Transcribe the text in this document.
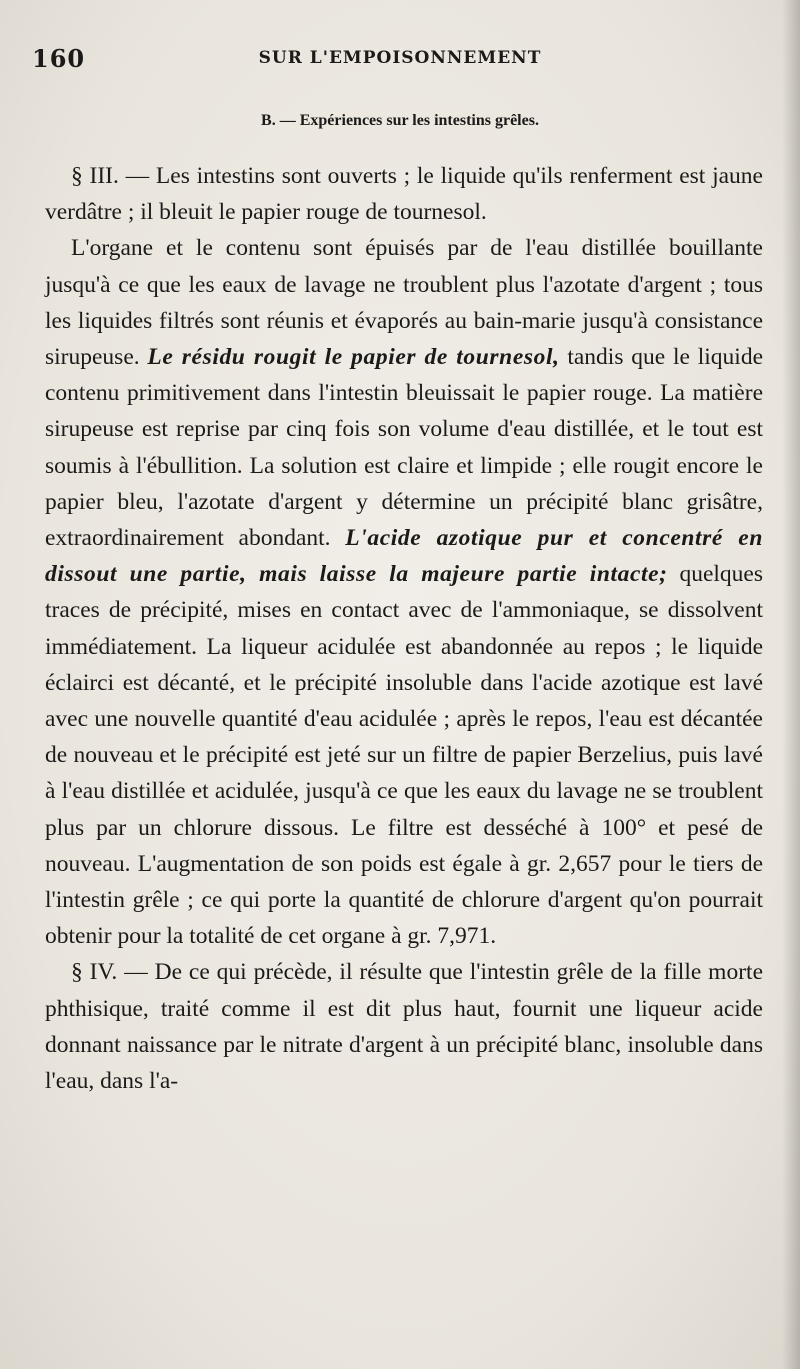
160	SUR L'EMPOISONNEMENT
B. — Expériences sur les intestins grêles.

§ III. — Les intestins sont ouverts ; le liquide qu'ils renferment est jaune verdâtre ; il bleuit le papier rouge de tournesol.

L'organe et le contenu sont épuisés par de l'eau distillée bouillante jusqu'à ce que les eaux de lavage ne troublent plus l'azotate d'argent ; tous les liquides filtrés sont réunis et évaporés au bain-marie jusqu'à consistance sirupeuse. Le résidu rougit le papier de tournesol, tandis que le liquide contenu primitivement dans l'intestin bleuissait le papier rouge. La matière sirupeuse est reprise par cinq fois son volume d'eau distillée, et le tout est soumis à l'ébullition. La solution est claire et limpide ; elle rougit encore le papier bleu, l'azotate d'argent y détermine un précipité blanc grisâtre, extraordinairement abondant. L'acide azotique pur et concentré en dissout une partie, mais laisse la majeure partie intacte; quelques traces de précipité, mises en contact avec de l'ammoniaque, se dissolvent immédiatement. La liqueur acidulée est abandonnée au repos ; le liquide éclairci est décanté, et le précipité insoluble dans l'acide azotique est lavé avec une nouvelle quantité d'eau acidulée ; après le repos, l'eau est décantée de nouveau et le précipité est jeté sur un filtre de papier Berzelius, puis lavé à l'eau distillée et acidulée, jusqu'à ce que les eaux du lavage ne se troublent plus par un chlorure dissous. Le filtre est desséché à 100° et pesé de nouveau. L'augmentation de son poids est égale à gr. 2,657 pour le tiers de l'intestin grêle ; ce qui porte la quantité de chlorure d'argent qu'on pourrait obtenir pour la totalité de cet organe à gr. 7,971.

§ IV. — De ce qui précède, il résulte que l'intestin grêle de la fille morte phthisique, traité comme il est dit plus haut, fournit une liqueur acide donnant naissance par le nitrate d'argent à un précipité blanc, insoluble dans l'eau, dans l'a-
